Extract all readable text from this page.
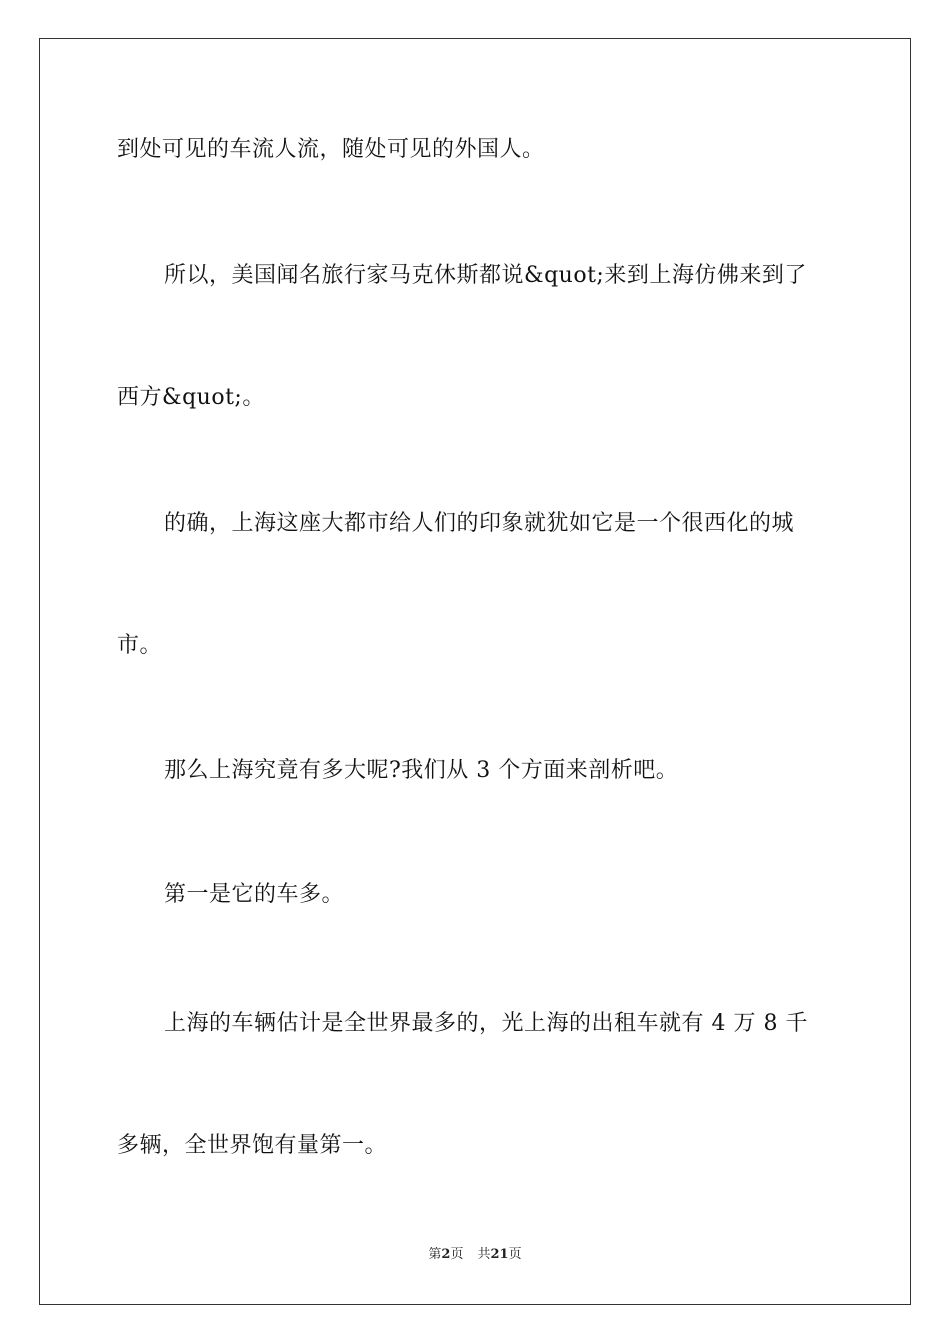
到处可见的车流人流，随处可见的外国人。
所以，美国闻名旅行家马克休斯都说&quot;来到上海仿佛来到了
西方&quot;。
的确，上海这座大都市给人们的印象就犹如它是一个很西化的城
市。
那么上海究竟有多大呢?我们从 3 个方面来剖析吧。
第一是它的车多。
上海的车辆估计是全世界最多的，光上海的出租车就有 4 万 8 千
多辆，全世界饱有量第一。
第2页 共21页
